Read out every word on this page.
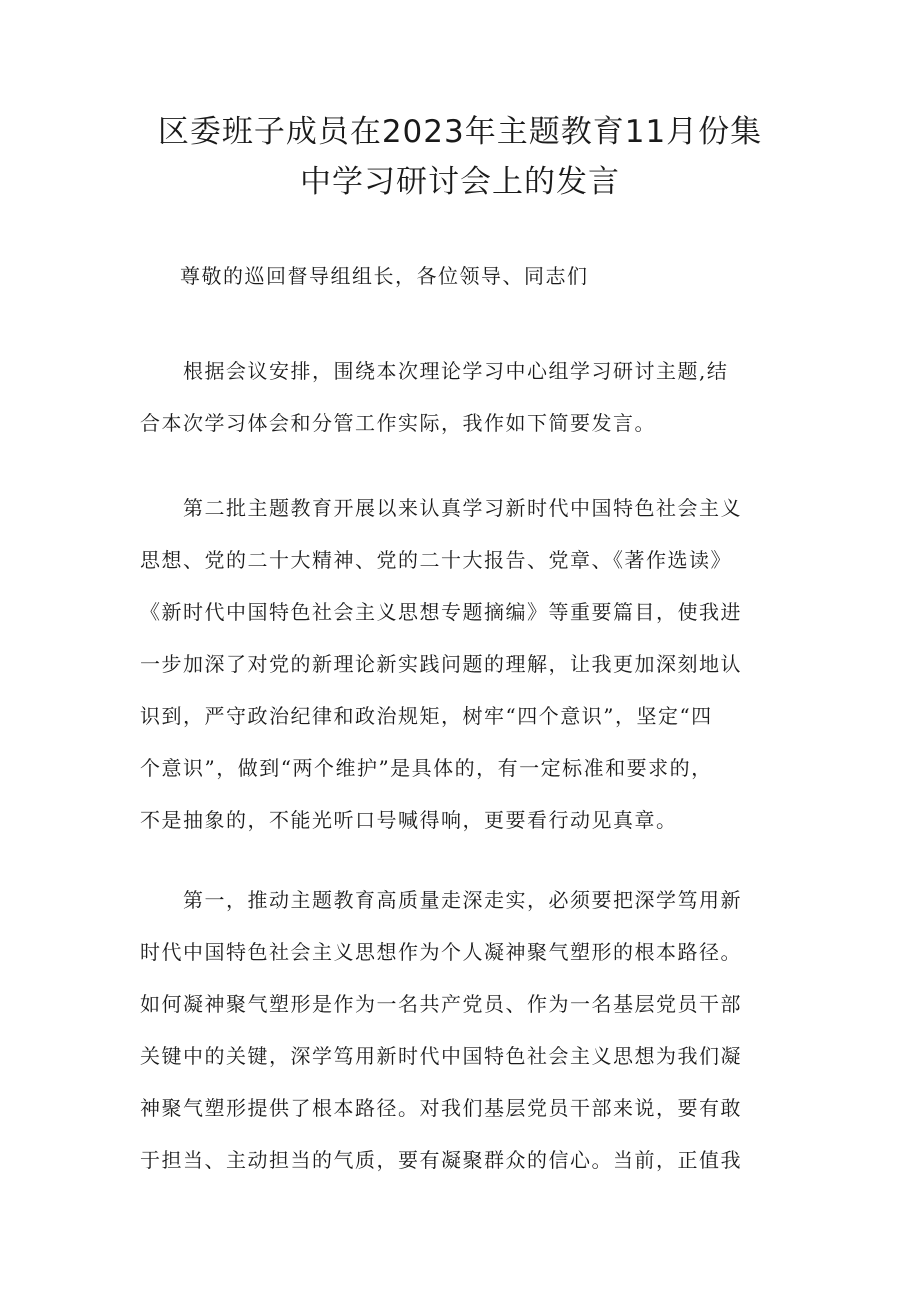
区委班子成员在2023年主题教育11月份集
中学习研讨会上的发言

尊敬的巡回督导组组长，各位领导、同志们

　　根据会议安排，围绕本次理论学习中心组学习研讨主题,结
合本次学习体会和分管工作实际，我作如下简要发言。

　　第二批主题教育开展以来认真学习新时代中国特色社会主义
思想、党的二十大精神、党的二十大报告、党章、《著作选读》
《新时代中国特色社会主义思想专题摘编》等重要篇目，使我进
一步加深了对党的新理论新实践问题的理解，让我更加深刻地认
识到，严守政治纪律和政治规矩，树牢“四个意识”，坚定“四
个意识”，做到“两个维护”是具体的，有一定标准和要求的，
不是抽象的，不能光听口号喊得响，更要看行动见真章。

　　第一，推动主题教育高质量走深走实，必须要把深学笃用新
时代中国特色社会主义思想作为个人凝神聚气塑形的根本路径。
如何凝神聚气塑形是作为一名共产党员、作为一名基层党员干部
关键中的关键，深学笃用新时代中国特色社会主义思想为我们凝
神聚气塑形提供了根本路径。对我们基层党员干部来说，要有敢
于担当、主动担当的气质，要有凝聚群众的信心。当前，正值我
